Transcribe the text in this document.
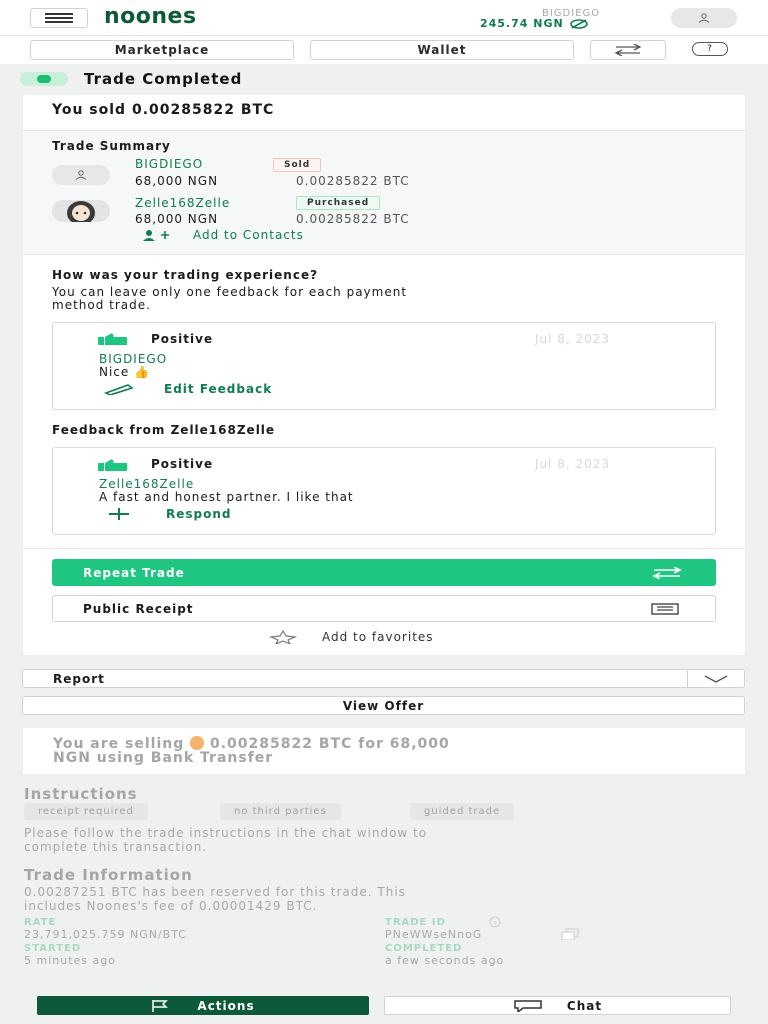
noones	BIGDIEGO
245.74 NGN
Marketplace	Wallet	?
Trade Completed
You sold 0.00285822 BTC
Trade Summary
BIGDIEGO	Sold
68,000 NGN	0.00285822 BTC
Zelle168Zelle	Purchased
68,000 NGN	0.00285822 BTC
Add to Contacts
How was your trading experience?
You can leave only one feedback for each payment
method trade.
Positive	Jul 8, 2023
BIGDIEGO
Nice 👍
Edit Feedback
Feedback from Zelle168Zelle
Positive	Jul 8, 2023
Zelle168Zelle
A fast and honest partner. I like that
Respond
Repeat Trade
Public Receipt
Add to favorites
Report
View Offer
You are selling 0.00285822 BTC for 68,000
NGN using Bank Transfer
Instructions
receipt required	no third parties	guided trade
Please follow the trade instructions in the chat window to
complete this transaction.
Trade Information
0.00287251 BTC has been reserved for this trade. This
includes Noones's fee of 0.00001429 BTC.
RATE
23,791,025.759 NGN/BTC
TRADE ID
PNeWWseNnoG
STARTED
5 minutes ago
COMPLETED
a few seconds ago
Actions	Chat
